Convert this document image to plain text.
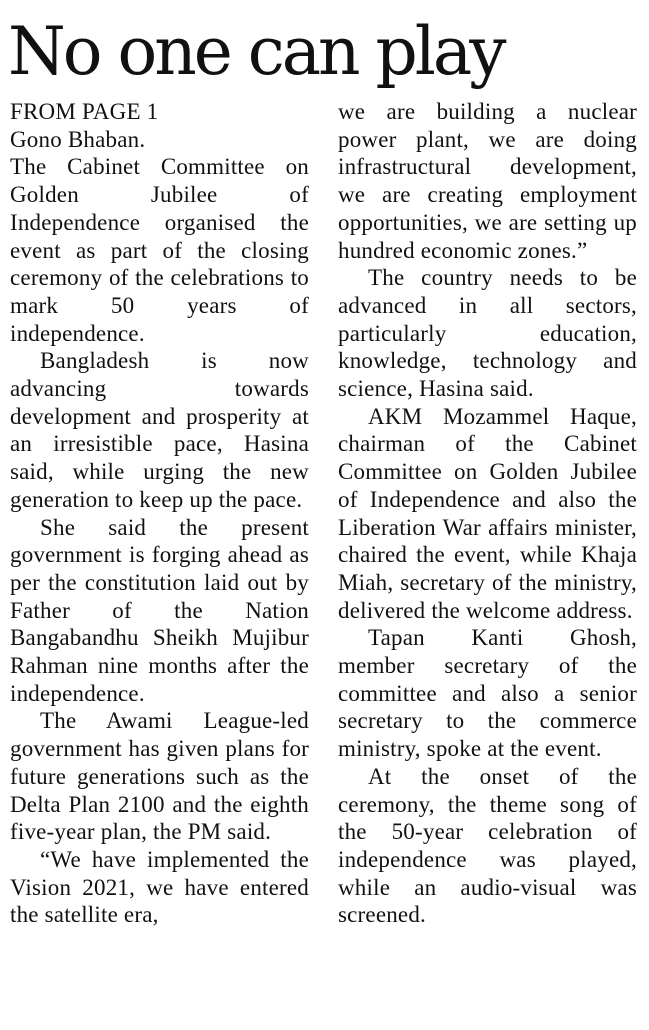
No one can play
FROM PAGE 1

Gono Bhaban.

The Cabinet Committee on Golden Jubilee of Independence organised the event as part of the closing ceremony of the celebrations to mark 50 years of independence.

Bangladesh is now advancing towards development and prosperity at an irresistible pace, Hasina said, while urging the new generation to keep up the pace.

She said the present government is forging ahead as per the constitution laid out by Father of the Nation Bangabandhu Sheikh Mujibur Rahman nine months after the independence.

The Awami League-led government has given plans for future generations such as the Delta Plan 2100 and the eighth five-year plan, the PM said.

“We have implemented the Vision 2021, we have entered the satellite era,

we are building a nuclear power plant, we are doing infrastructural development, we are creating employment opportunities, we are setting up hundred economic zones.”

The country needs to be advanced in all sectors, particularly education, knowledge, technology and science, Hasina said.

AKM Mozammel Haque, chairman of the Cabinet Committee on Golden Jubilee of Independence and also the Liberation War affairs minister, chaired the event, while Khaja Miah, secretary of the ministry, delivered the welcome address.

Tapan Kanti Ghosh, member secretary of the committee and also a senior secretary to the commerce ministry, spoke at the event.

At the onset of the ceremony, the theme song of the 50-year celebration of independence was played, while an audio-visual was screened.
